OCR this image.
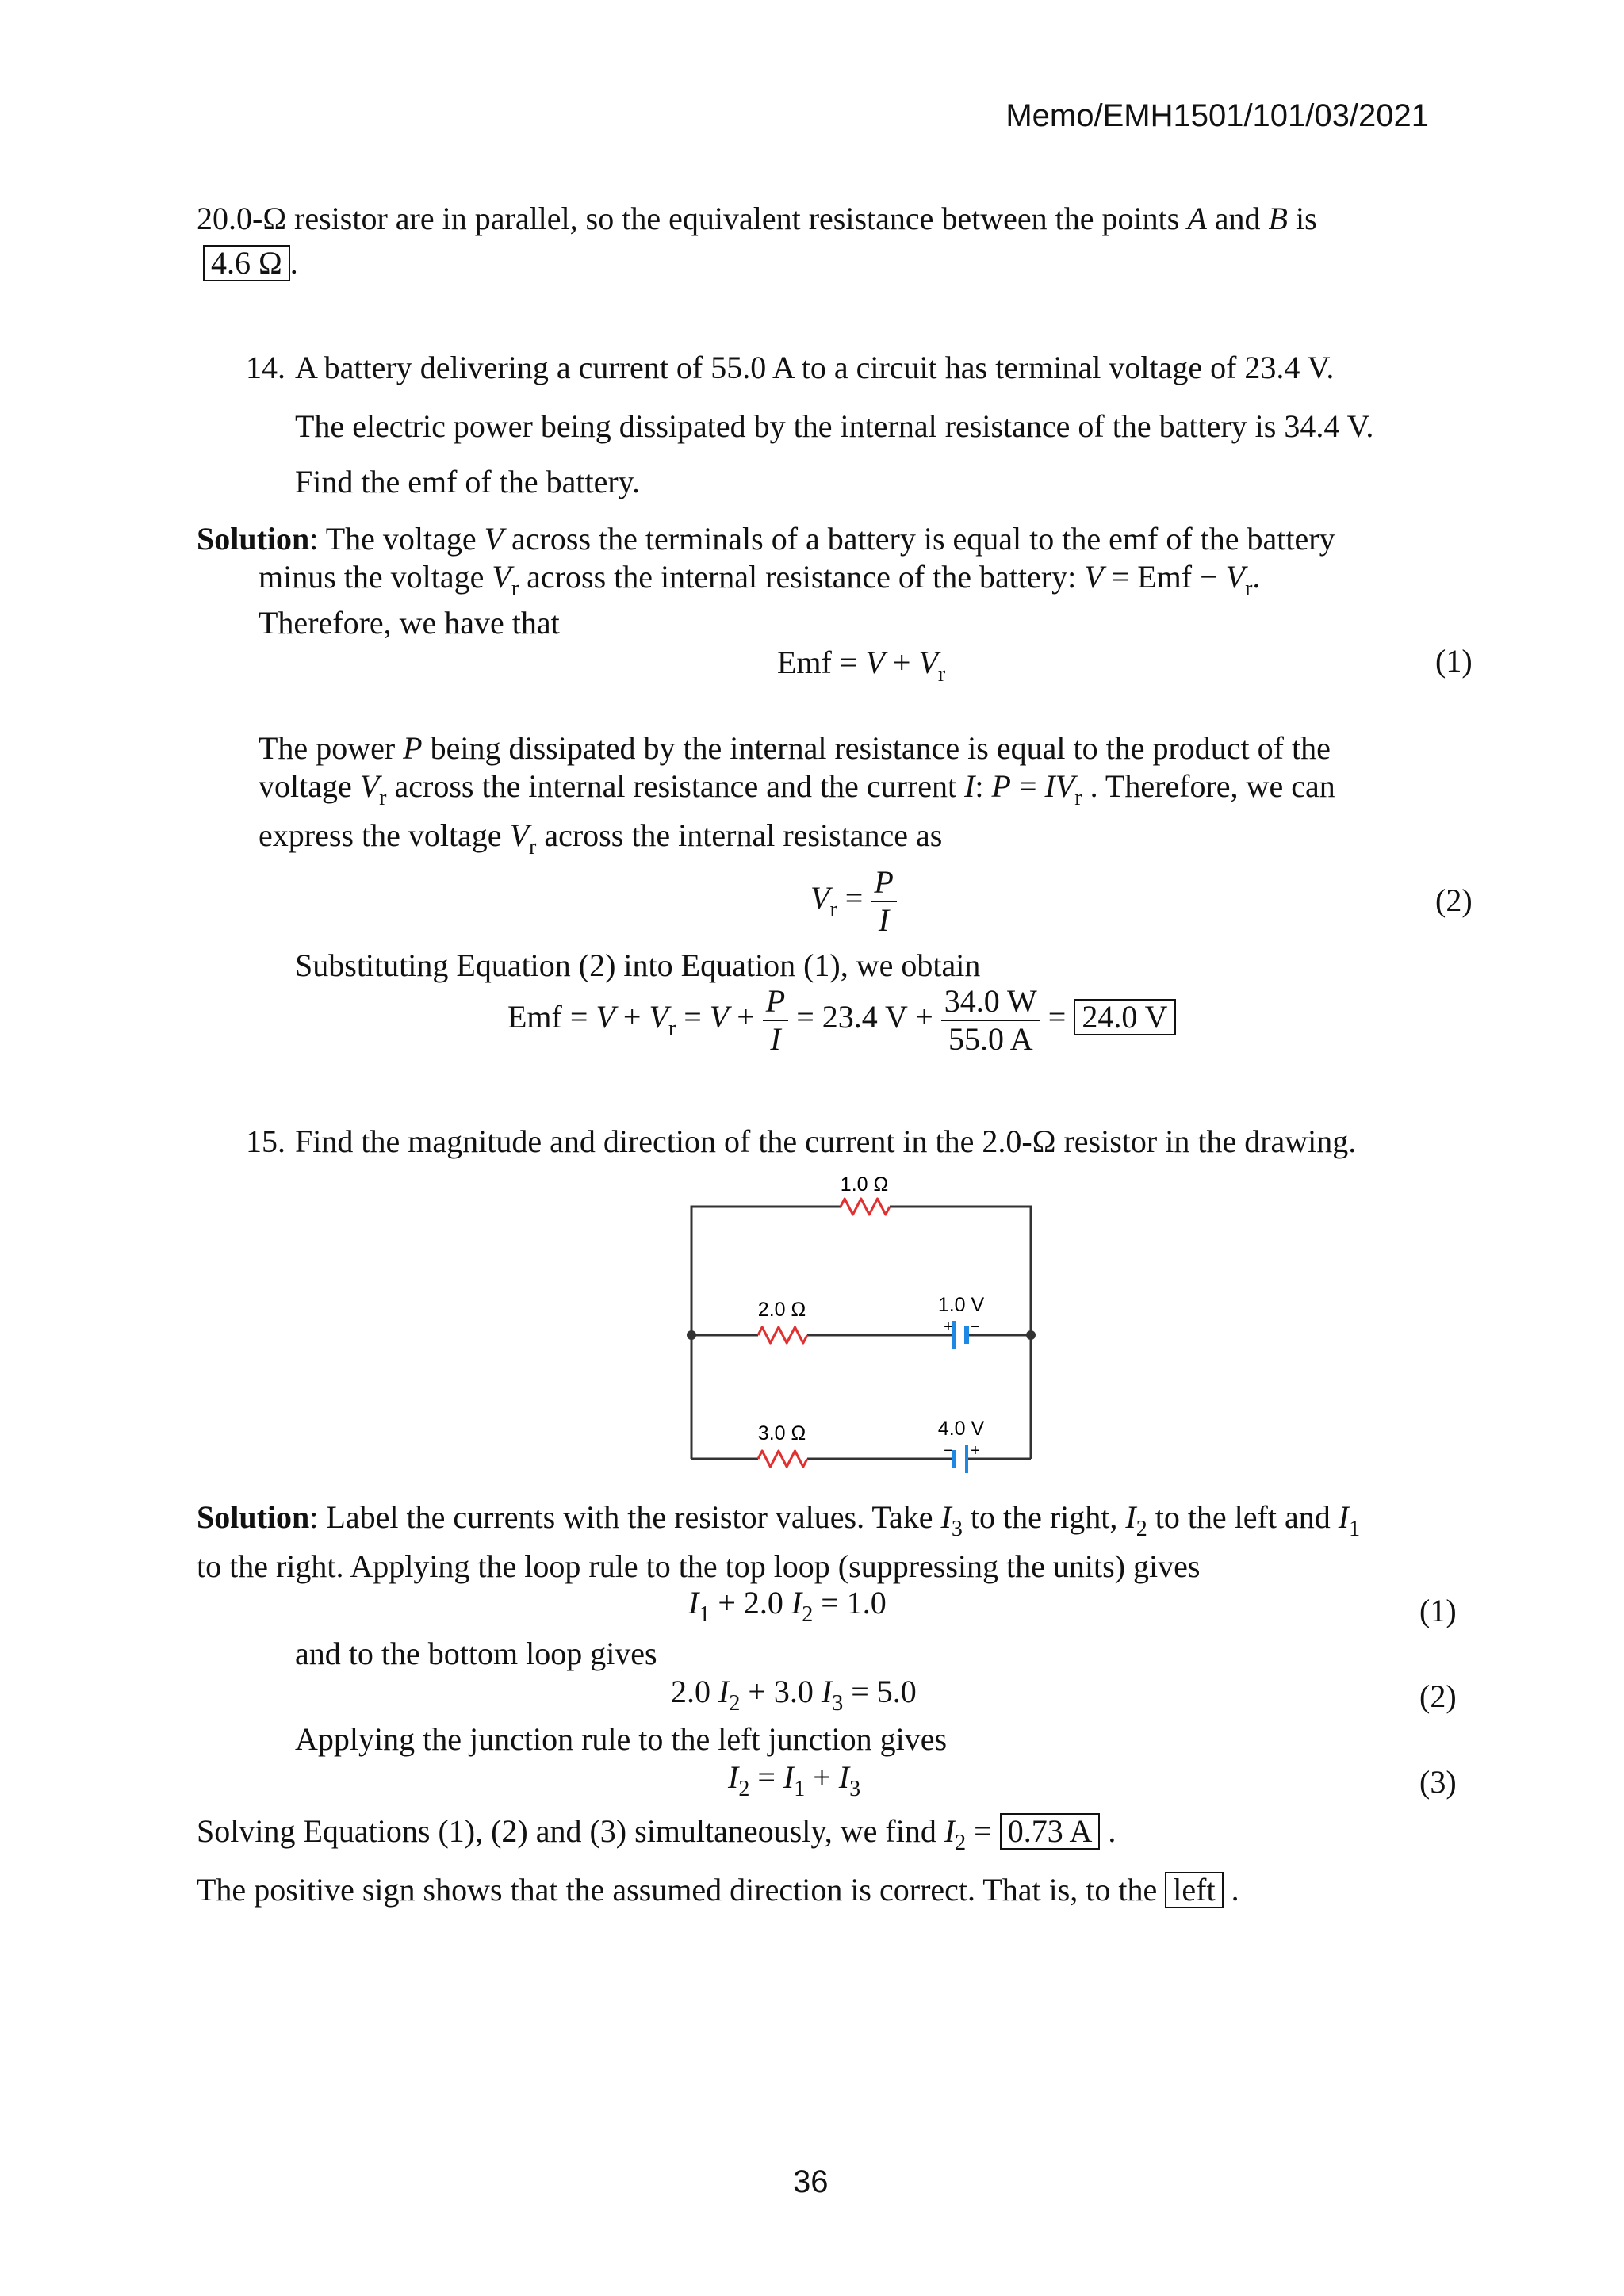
Memo/EMH1501/101/03/2021
20.0-Ω resistor are in parallel, so the equivalent resistance between the points A and B is
4.6 Ω .
14. A battery delivering a current of 55.0 A to a circuit has terminal voltage of 23.4 V.
The electric power being dissipated by the internal resistance of the battery is 34.4 V.
Find the emf of the battery.
Solution: The voltage V across the terminals of a battery is equal to the emf of the battery
minus the voltage $V_r$ across the internal resistance of the battery: V = Emf − $V_r$.
Therefore, we have that
Emf = $V + V_r$	(1)
The power P being dissipated by the internal resistance is equal to the product of the
voltage $V_r$ across the internal resistance and the current I: $P = IV_r$ . Therefore, we can
express the voltage $V_r$ across the internal resistance as
$V_r = \frac{P}{I}$	(2)
Substituting Equation (2) into Equation (1), we obtain
Emf = $V + V_r = V + \frac{P}{I} = 23.4$ $V + \frac{34.0 W}{55.0 A} = 24.0$ V
15. Find the magnitude and direction of the current in the 2.0-Ω resistor in the drawing.
1.0 Ω
2.0 Ω
3.0 Ω
1.0 V
4.0 V
+ −
− +
Solution: Label the currents with the resistor values. Take $I_3$ to the right, $I_2$ to the left and $I_1$
to the right. Applying the loop rule to the top loop (suppressing the units) gives
$I_1 + 2.0$ $I_2 = 1.0$	(1)
and to the bottom loop gives
2.0 $I_2 + 3.0$ $I_3 = 5.0$	(2)
Applying the junction rule to the left junction gives
$I_2 = I_1 + I_3$	(3)
Solving Equations (1), (2) and (3) simultaneously, we find $I_2 = 0.73$ A .
The positive sign shows that the assumed direction is correct. That is, to the left .
36
